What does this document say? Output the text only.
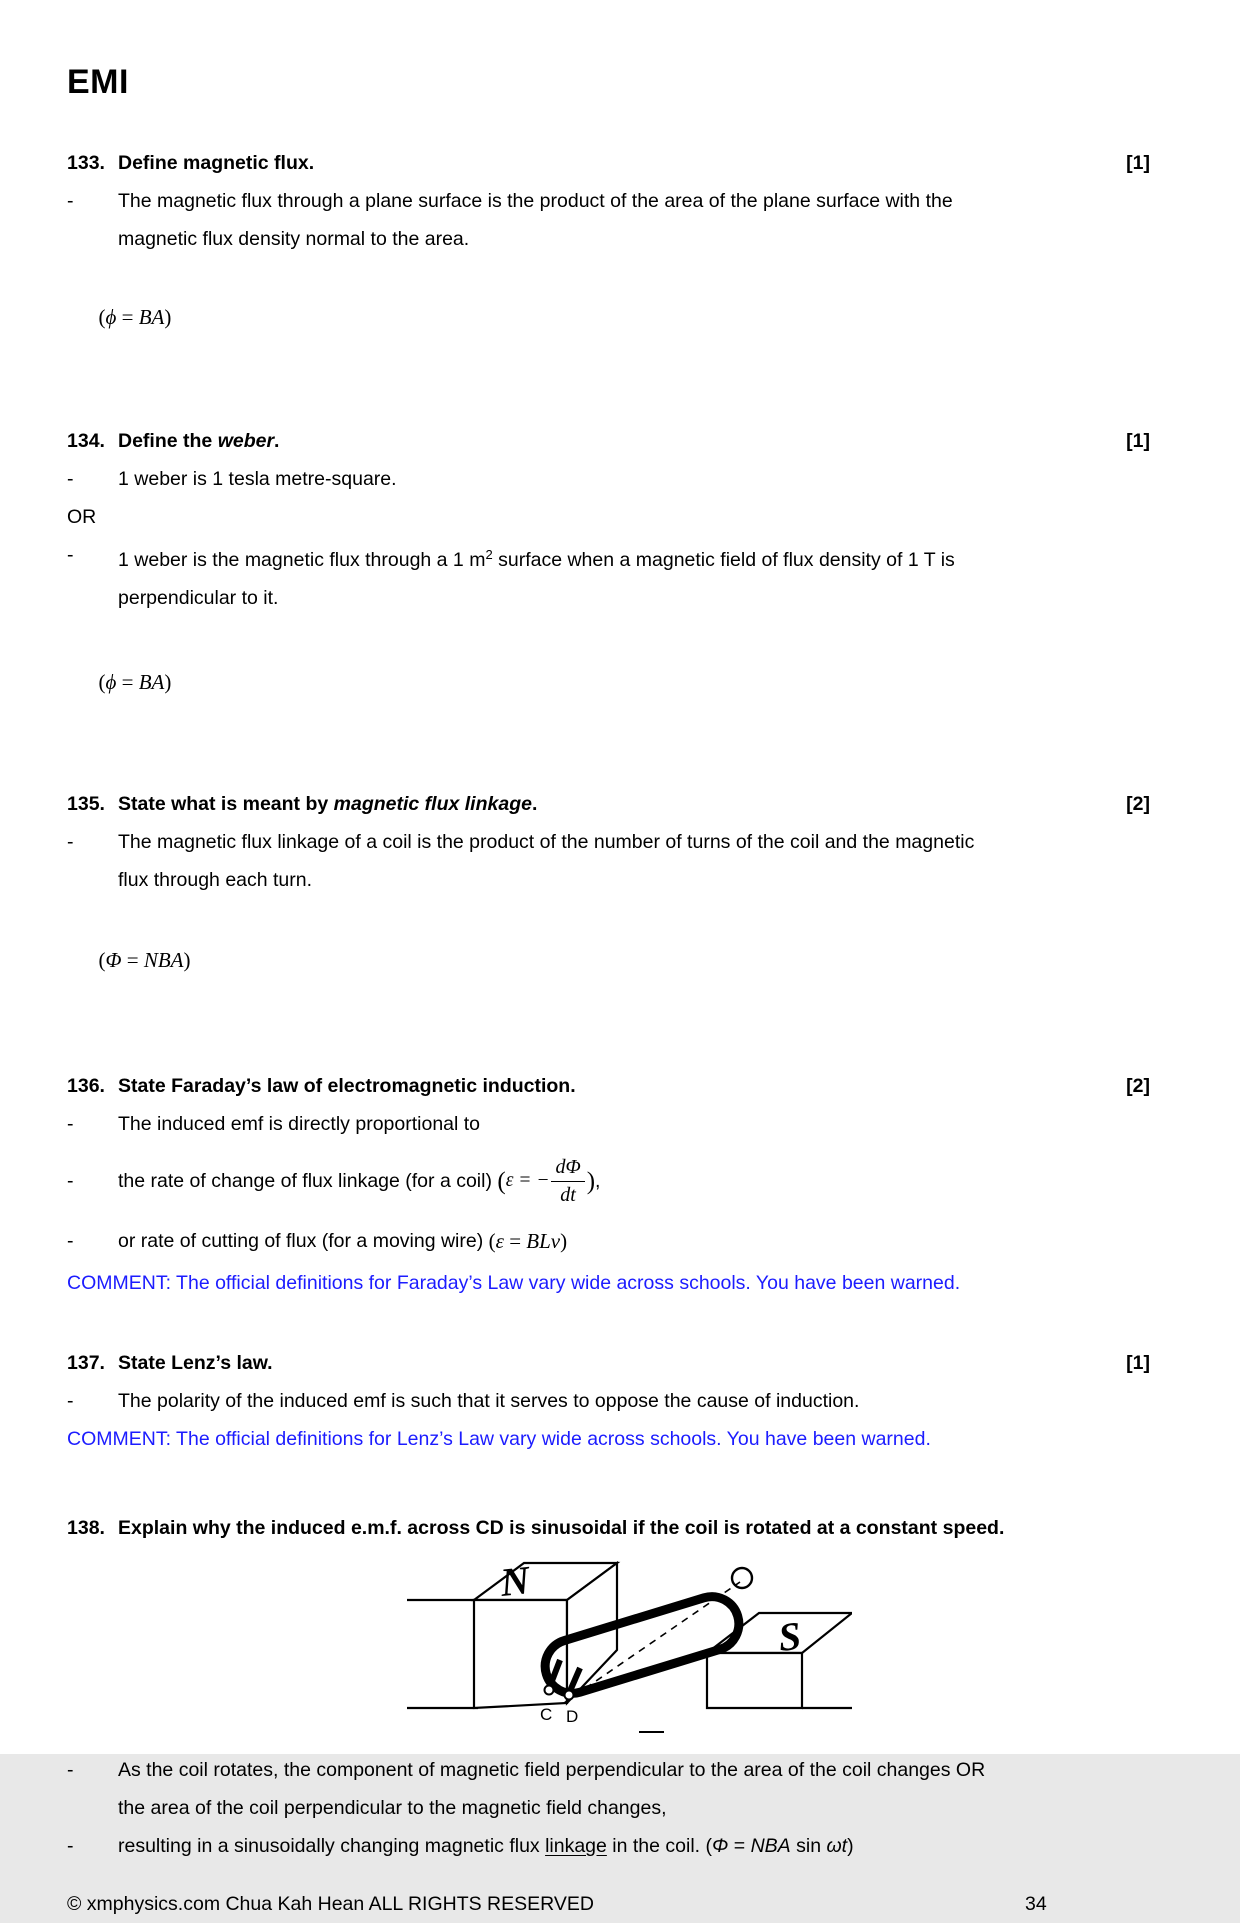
EMI
133. Define magnetic flux.	[1]
-	The magnetic flux through a plane surface is the product of the area of the plane surface with the
magnetic flux density normal to the area.

(ϕ = BA)

134. Define the weber.	[1]
-	1 weber is 1 tesla metre-square.
OR
-	1 weber is the magnetic flux through a 1 $m^2$ surface when a magnetic field of flux density of 1 T is
perpendicular to it.

(ϕ = BA)

135. State what is meant by magnetic flux linkage.	[2]
-	The magnetic flux linkage of a coil is the product of the number of turns of the coil and the magnetic
flux through each turn.

(Φ = NBA)

136. State Faraday’s law of electromagnetic induction.	[2]
-	The induced emf is directly proportional to
-	the rate of change of flux linkage (for a coil) ( ε = − $\frac{d\Phi}{dt}$ ) ,
-	or rate of cutting of flux (for a moving wire) (ε = BLv)
COMMENT: The official definitions for Faraday’s Law vary wide across schools. You have been warned.
137. State Lenz’s law.	[1]
-	The polarity of the induced emf is such that it serves to oppose the cause of induction.
COMMENT: The official definitions for Lenz’s Law vary wide across schools. You have been warned.
138. Explain why the induced e.m.f. across CD is sinusoidal if the coil is rotated at a constant speed.
N
S
C D
-	As the coil rotates, the component of magnetic field perpendicular to the area of the coil changes OR
the area of the coil perpendicular to the magnetic field changes,
-	resulting in a sinusoidally changing magnetic flux linkage in the coil. (Φ = NBA sin ωt)
© xmphysics.com Chua Kah Hean ALL RIGHTS RESERVED	34
